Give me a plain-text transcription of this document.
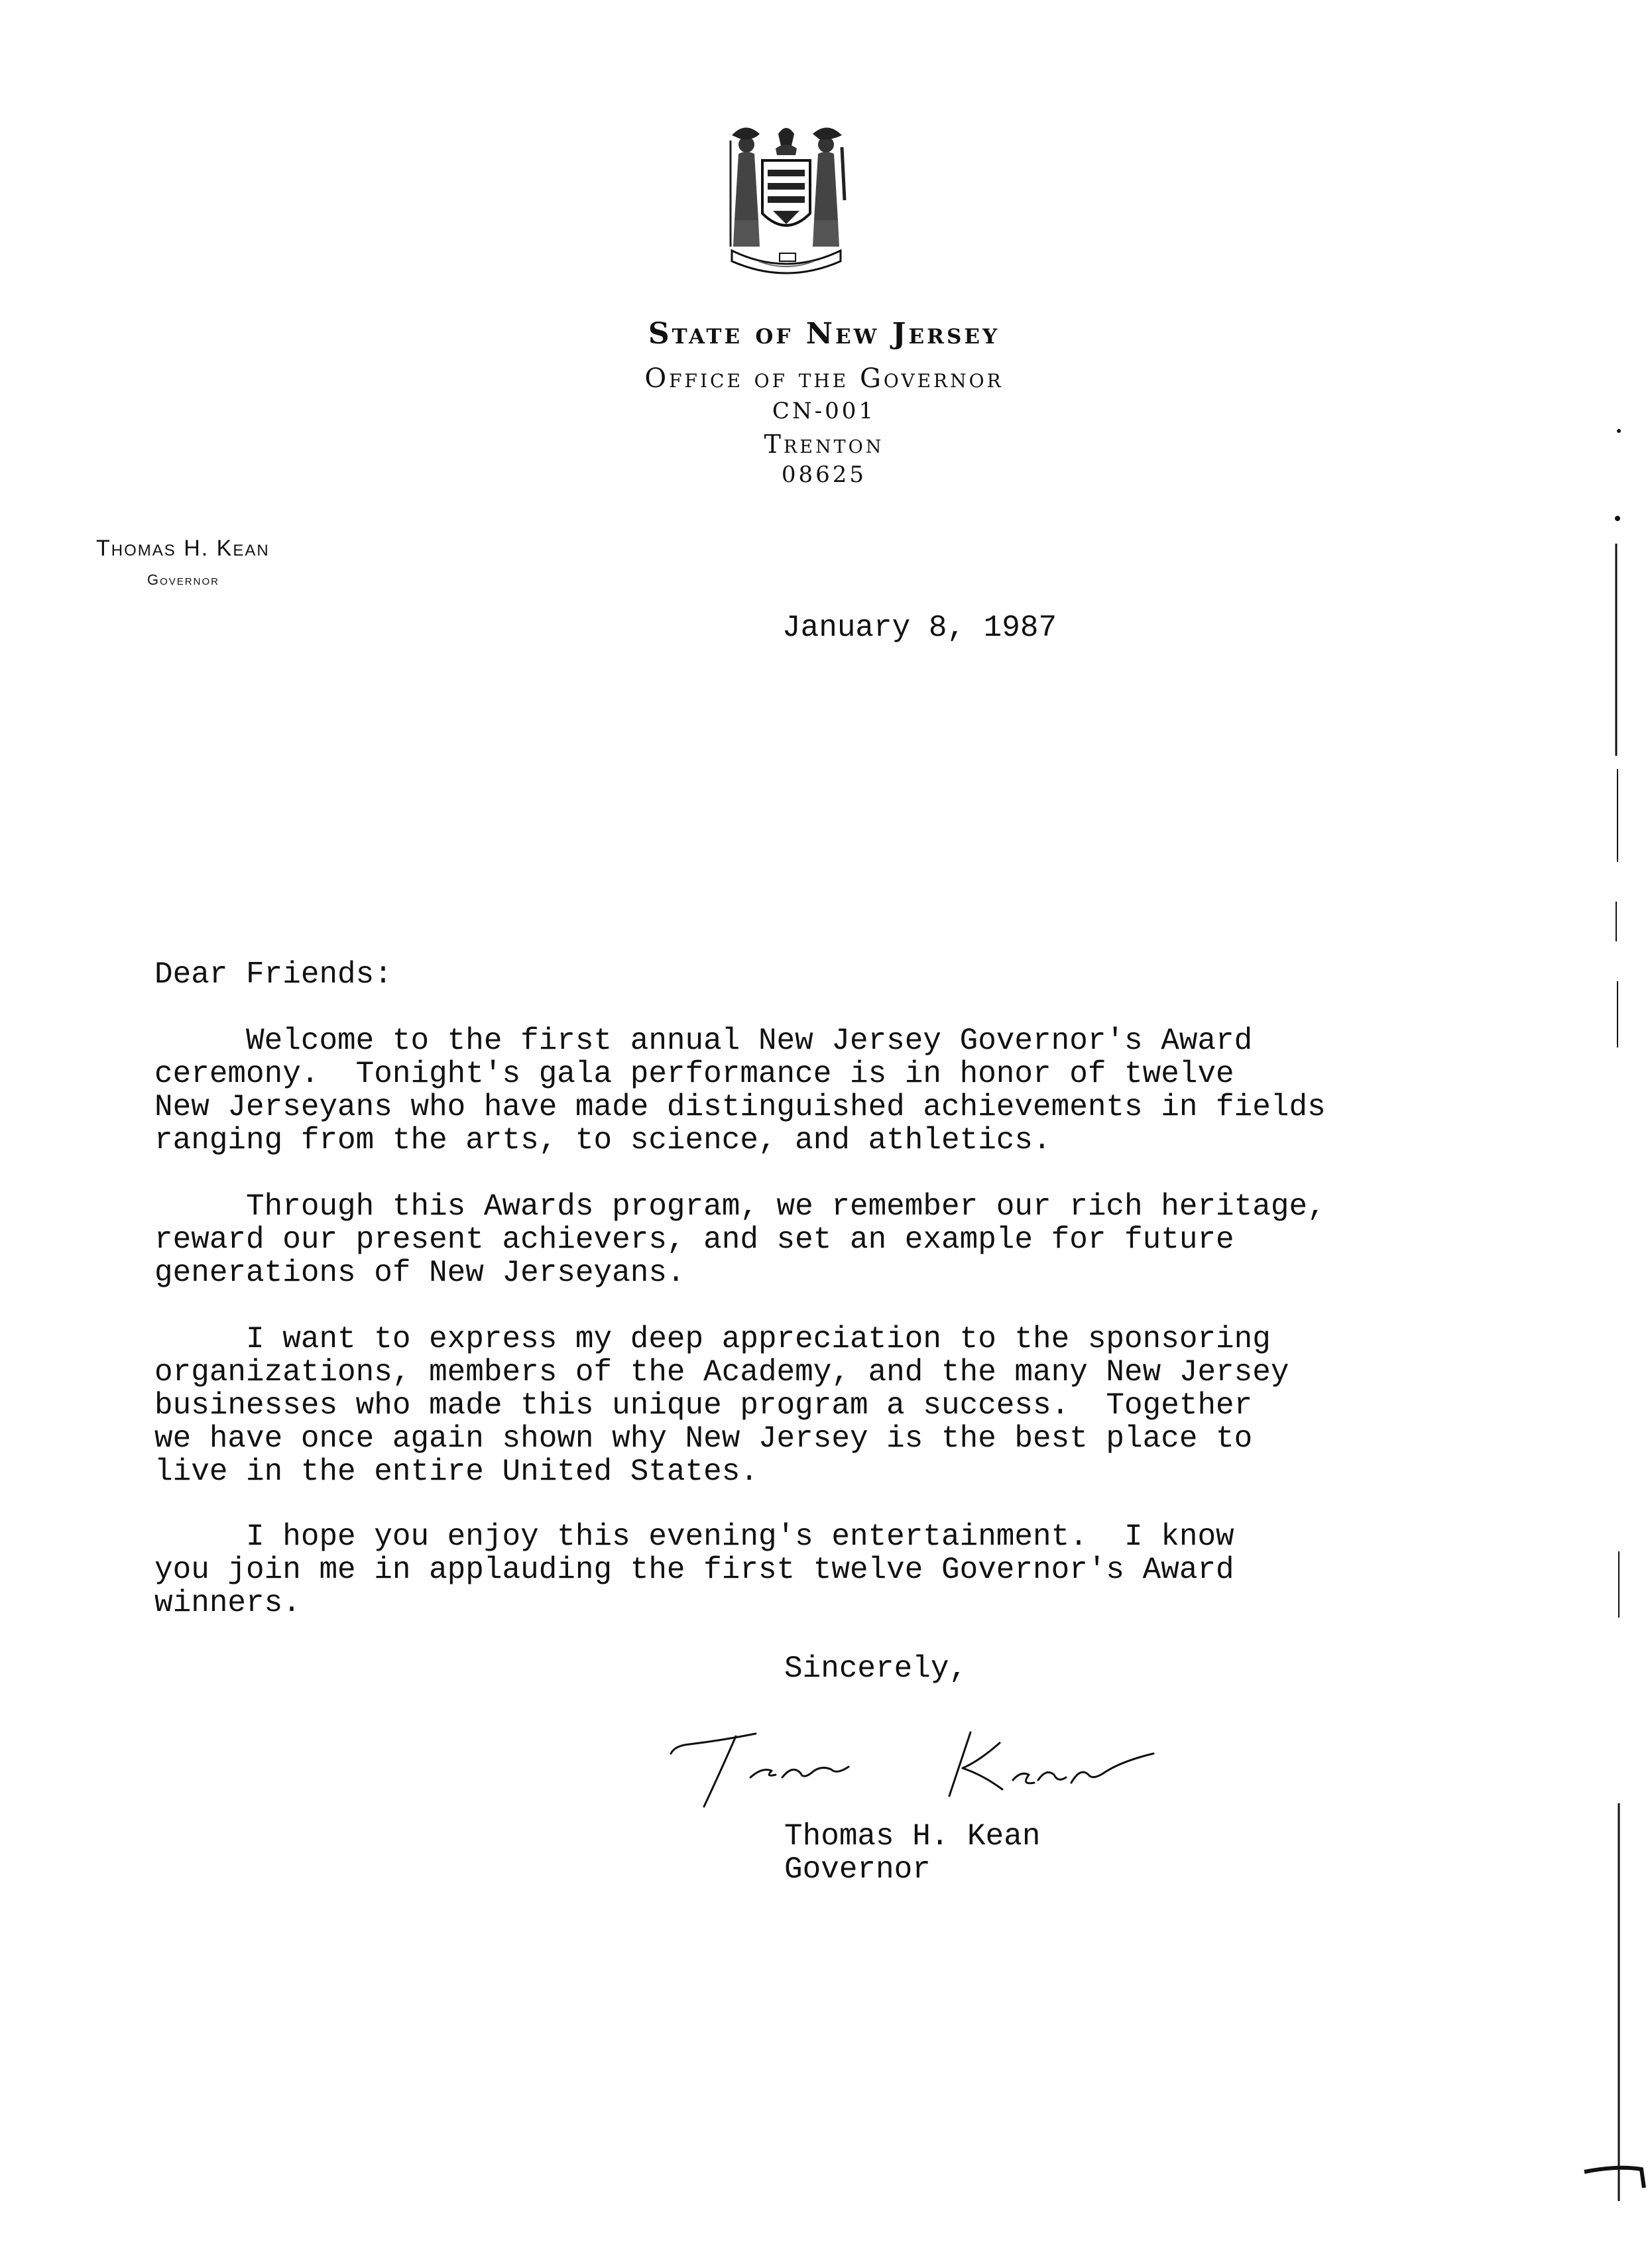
State of New Jersey
Office of the Governor
CN-001
Trenton
08625
Thomas H. Kean
Governor
January 8, 1987
Dear Friends:
Welcome to the first annual New Jersey Governor's Award
ceremony.  Tonight's gala performance is in honor of twelve
New Jerseyans who have made distinguished achievements in fields
ranging from the arts, to science, and athletics.
Through this Awards program, we remember our rich heritage,
reward our present achievers, and set an example for future
generations of New Jerseyans.
I want to express my deep appreciation to the sponsoring
organizations, members of the Academy, and the many New Jersey
businesses who made this unique program a success.  Together
we have once again shown why New Jersey is the best place to
live in the entire United States.
I hope you enjoy this evening's entertainment.  I know
you join me in applauding the first twelve Governor's Award
winners.
Sincerely,
Thomas H. Kean
Governor
